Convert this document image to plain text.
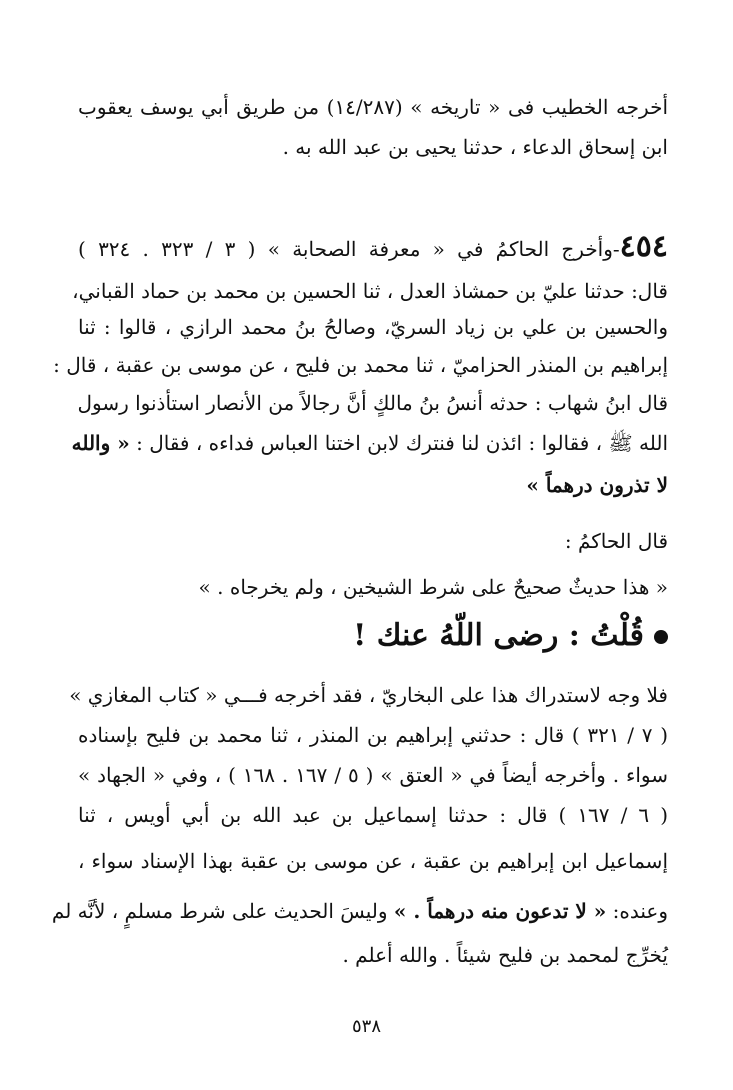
أخرجه الخطيب فى « تاريخه » (١٤/٢٨٧) من طريق أبي يوسف يعقوب
ابن إسحاق الدعاء ، حدثنا يحيى بن عبد الله به .
٤٥٤-وأخرج الحاكمُ في « معرفة الصحابة » ( ٣ / ٣٢٣ . ٣٢٤ )
قال: حدثنا عليّ بن حمشاذ العدل ، ثنا الحسين بن محمد بن حماد القباني،
والحسين بن علي بن زياد السريّ، وصالحُ بنُ محمد الرازي ، قالوا : ثنا
إبراهيم بن المنذر الحزاميّ ، ثنا محمد بن فليح ، عن موسى بن عقبة ، قال :
قال ابنُ شهاب : حدثه أنسُ بنُ مالكٍ أنَّ رجالاً من الأنصار استأذنوا رسول
الله ﷺ ، فقالوا : ائذن لنا فنترك لابن اختنا العباس فداءه ، فقال : « والله
لا تذرون درهماً »
قال الحاكمُ :
« هذا حديثٌ صحيحٌ على شرط الشيخين ، ولم يخرجاه . »
قُلْتُ : رضى اللّهُ عنك !
فلا وجه لاستدراك هذا على البخاريّ ، فقد أخرجه فـــي « كتاب المغازي »
( ٧ / ٣٢١ ) قال : حدثني إبراهيم بن المنذر ، ثنا محمد بن فليح بإسناده
سواء . وأخرجه أيضاً في « العتق » ( ٥ / ١٦٧ . ١٦٨ ) ، وفي « الجهاد »
( ٦ / ١٦٧ ) قال : حدثنا إسماعيل بن عبد الله بن أبي أويس ، ثنا
إسماعيل ابن إبراهيم بن عقبة ، عن موسى بن عقبة بهذا الإسناد سواء ،
وعنده: « لا تدعون منه درهماً . » وليسَ الحديث على شرط مسلمٍ ، لأنَّه لم
يُخرِّج لمحمد بن فليح شيئاً . والله أعلم .
٥٣٨
